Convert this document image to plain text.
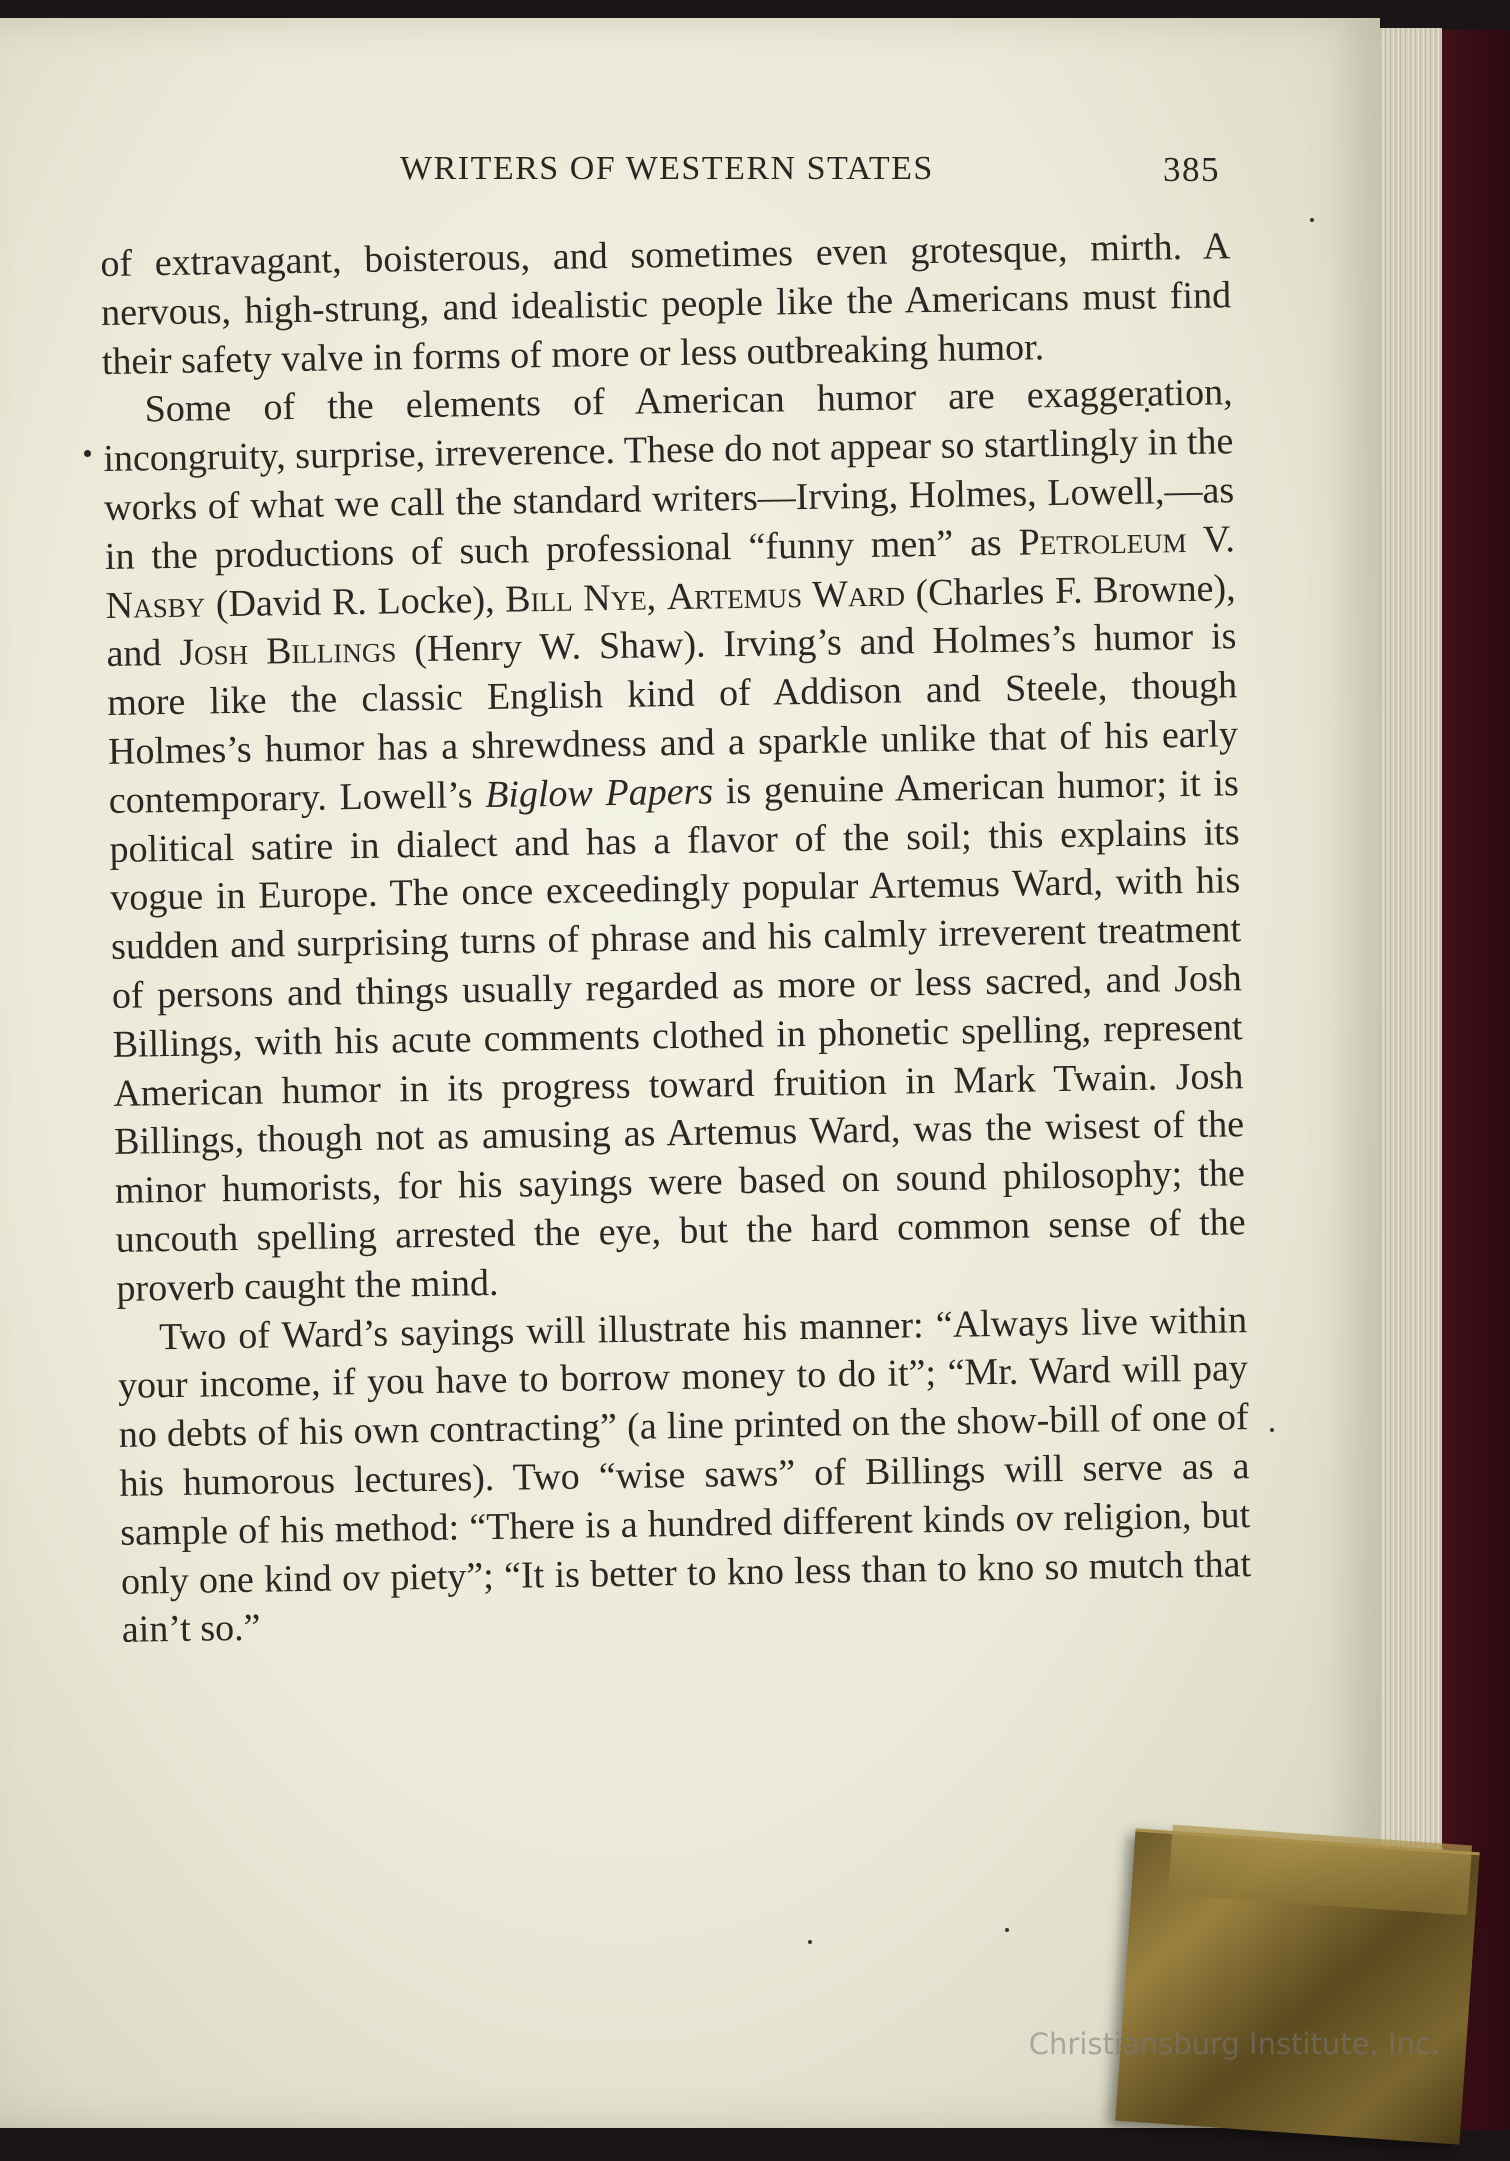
WRITERS OF WESTERN STATES	385

of extravagant, boisterous, and sometimes even grotesque, mirth. A nervous, high-strung, and idealistic people like the Americans must find their safety valve in forms of more or less outbreaking humor.

Some of the elements of American humor are exaggeration, incongruity, surprise, irreverence. These do not appear so startlingly in the works of what we call the standard writers—Irving, Holmes, Lowell,—as in the productions of such professional “funny men” as Petroleum V. Nasby (David R. Locke), Bill Nye, Artemus Ward (Charles F. Browne), and Josh Billings (Henry W. Shaw). Irving’s and Holmes’s humor is more like the classic English kind of Addison and Steele, though Holmes’s humor has a shrewdness and a sparkle unlike that of his early contemporary. Lowell’s Biglow Papers is genuine American humor; it is political satire in dialect and has a flavor of the soil; this explains its vogue in Europe. The once exceedingly popular Artemus Ward, with his sudden and surprising turns of phrase and his calmly irreverent treatment of persons and things usually regarded as more or less sacred, and Josh Billings, with his acute comments clothed in phonetic spelling, represent American humor in its progress toward fruition in Mark Twain. Josh Billings, though not as amusing as Artemus Ward, was the wisest of the minor humorists, for his sayings were based on sound philosophy; the uncouth spelling arrested the eye, but the hard common sense of the proverb caught the mind.

Two of Ward’s sayings will illustrate his manner: “Always live within your income, if you have to borrow money to do it”; “Mr. Ward will pay no debts of his own contracting” (a line printed on the show-bill of one of his humorous lectures). Two “wise saws” of Billings will serve as a sample of his method: “There is a hundred different kinds ov religion, but only one kind ov piety”; “It is better to kno less than to kno so mutch that ain’t so.”

Christiansburg Institute, Inc.
